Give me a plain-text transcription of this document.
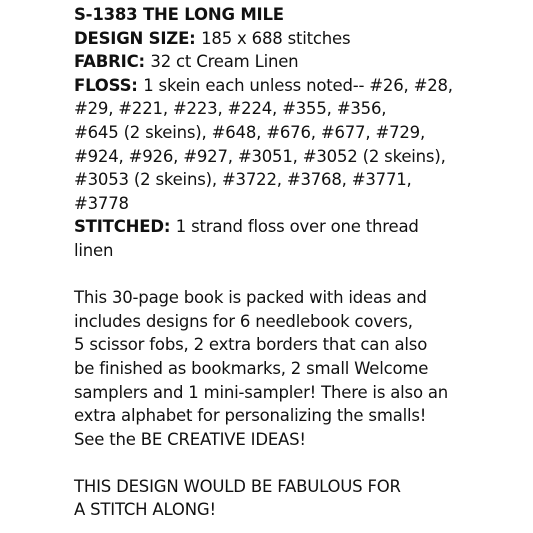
S-1383 THE LONG MILE
DESIGN SIZE: 185 x 688 stitches
FABRIC: 32 ct Cream Linen
FLOSS: 1 skein each unless noted-- #26, #28,
#29, #221, #223, #224, #355, #356,
#645 (2 skeins), #648, #676, #677, #729,
#924, #926, #927, #3051, #3052 (2 skeins),
#3053 (2 skeins), #3722, #3768, #3771,
#3778
STITCHED: 1 strand floss over one thread
linen
This 30-page book is packed with ideas and
includes designs for 6 needlebook covers,
5 scissor fobs, 2 extra borders that can also
be finished as bookmarks, 2 small Welcome
samplers and 1 mini-sampler! There is also an
extra alphabet for personalizing the smalls!
See the BE CREATIVE IDEAS!
THIS DESIGN WOULD BE FABULOUS FOR
A STITCH ALONG!
